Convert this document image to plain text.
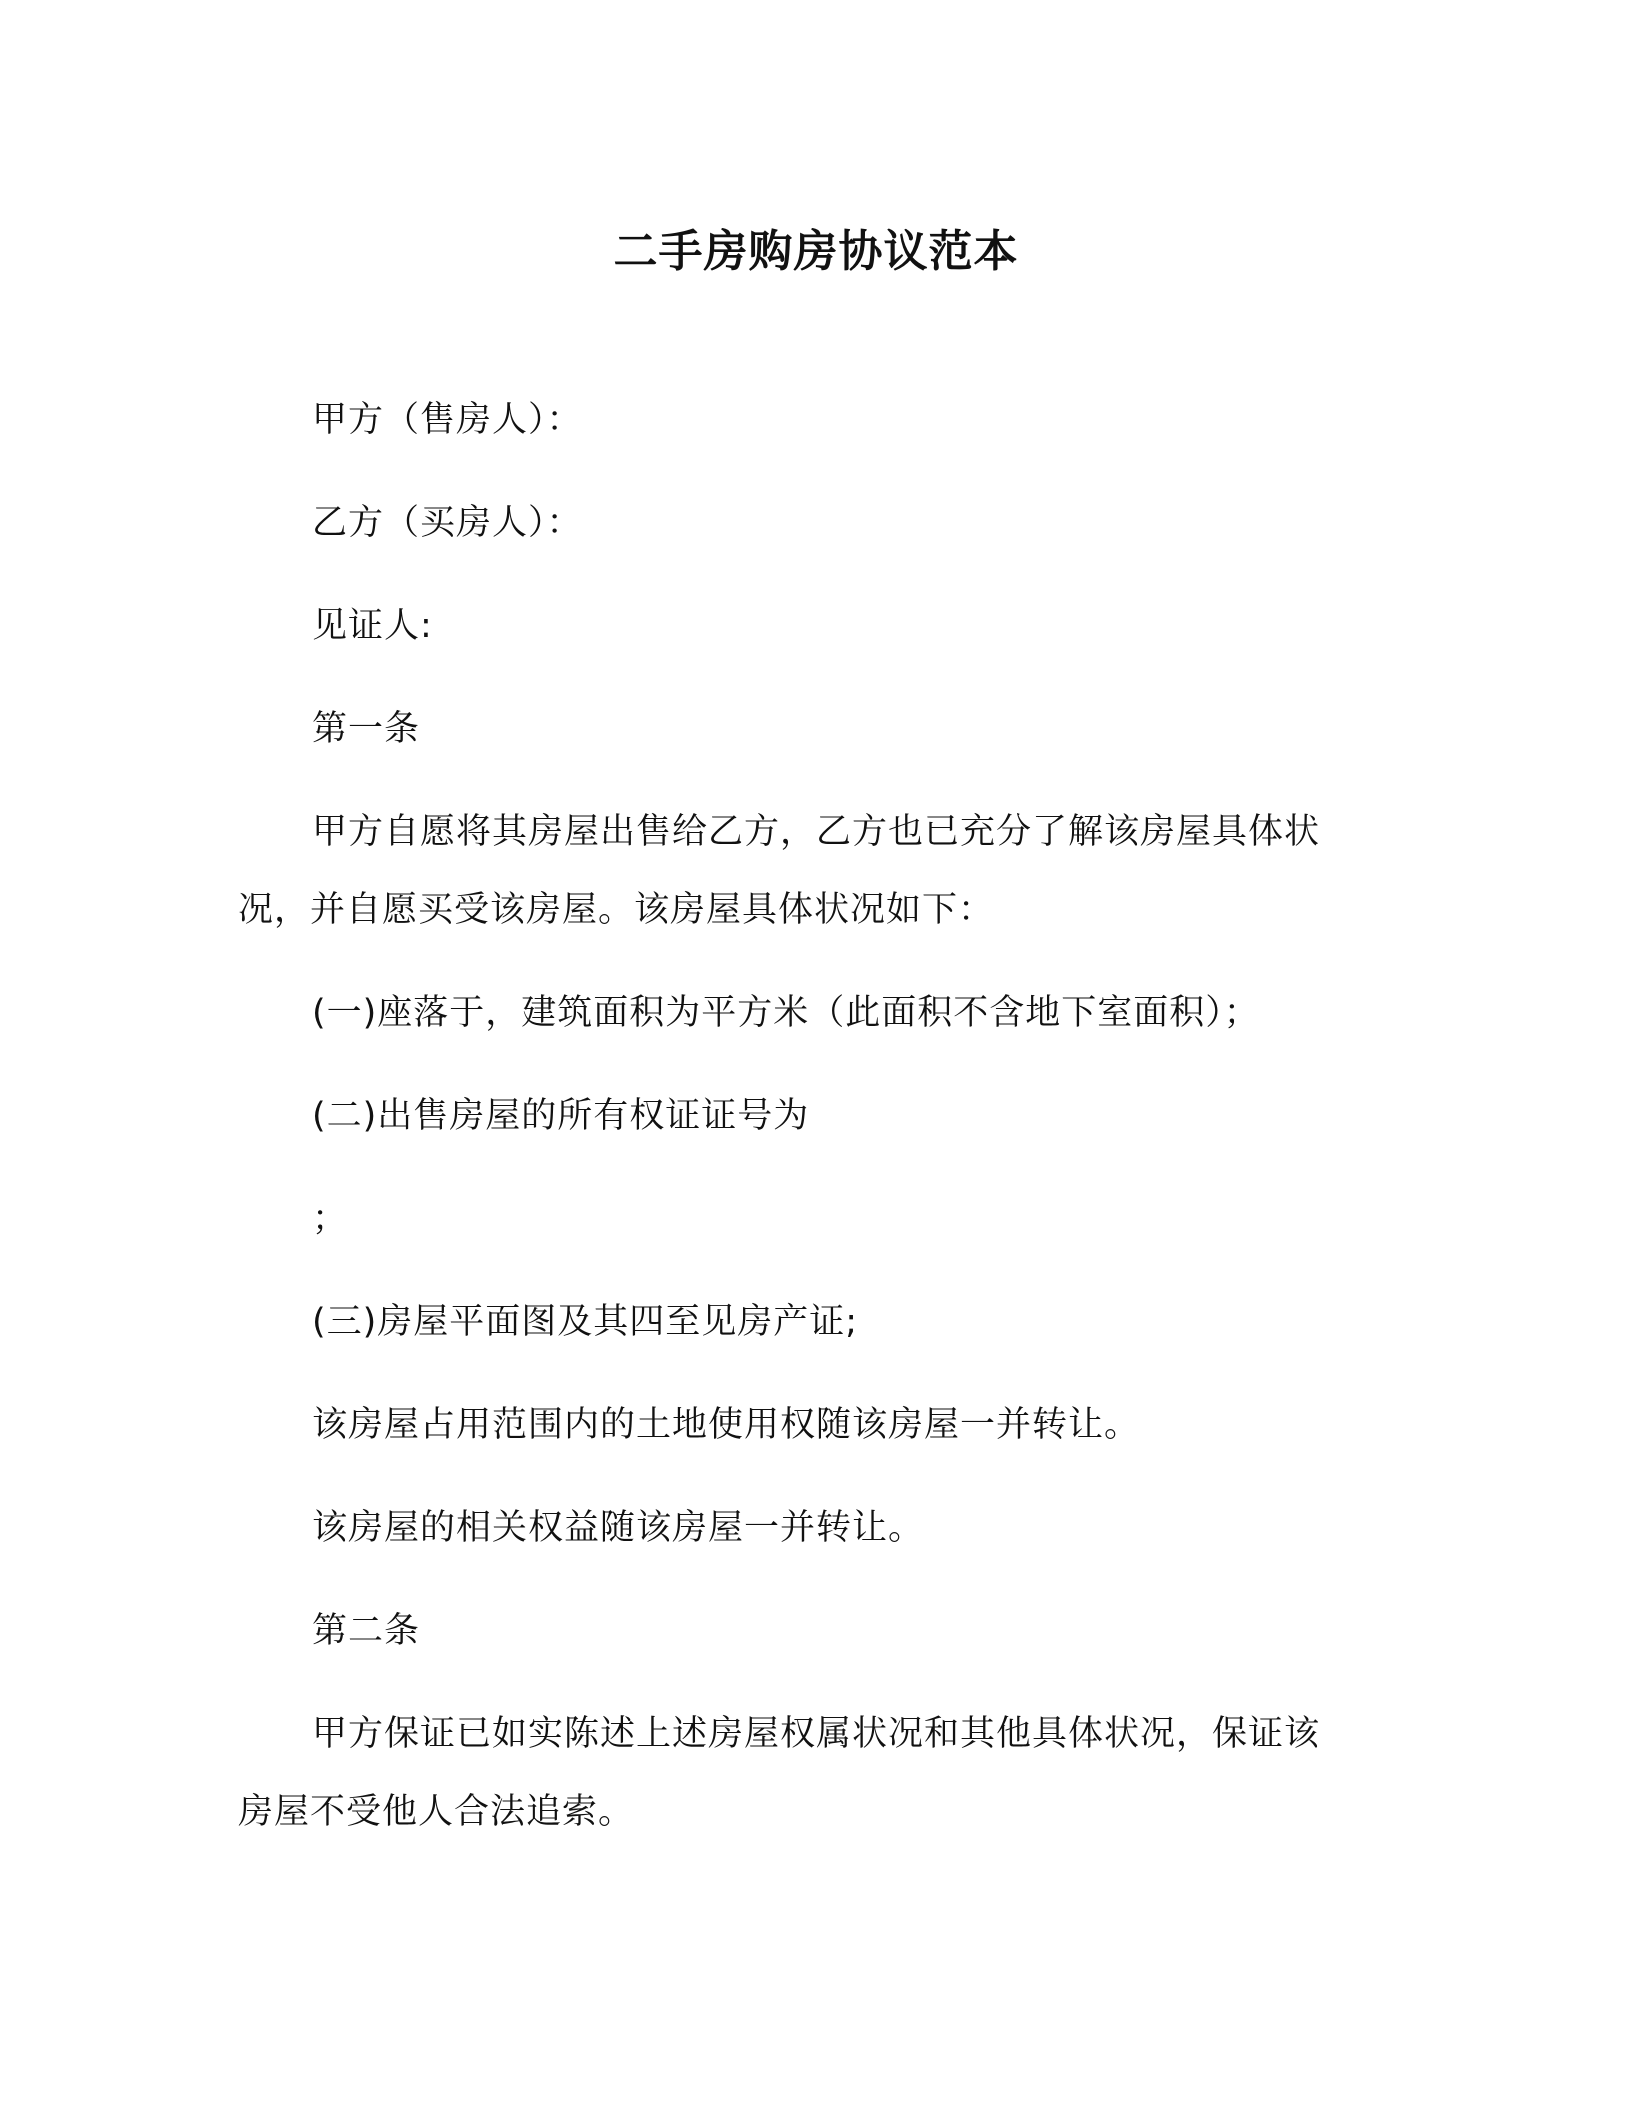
二手房购房协议范本
甲方（售房人）：
乙方（买房人）：
见证人:
第一条
甲方自愿将其房屋出售给乙方，乙方也已充分了解该房屋具体状
况，并自愿买受该房屋。该房屋具体状况如下：
(一)座落于，建筑面积为平方米（此面积不含地下室面积）；
(二)出售房屋的所有权证证号为
；
(三)房屋平面图及其四至见房产证;
该房屋占用范围内的土地使用权随该房屋一并转让。
该房屋的相关权益随该房屋一并转让。
第二条
甲方保证已如实陈述上述房屋权属状况和其他具体状况，保证该
房屋不受他人合法追索。
